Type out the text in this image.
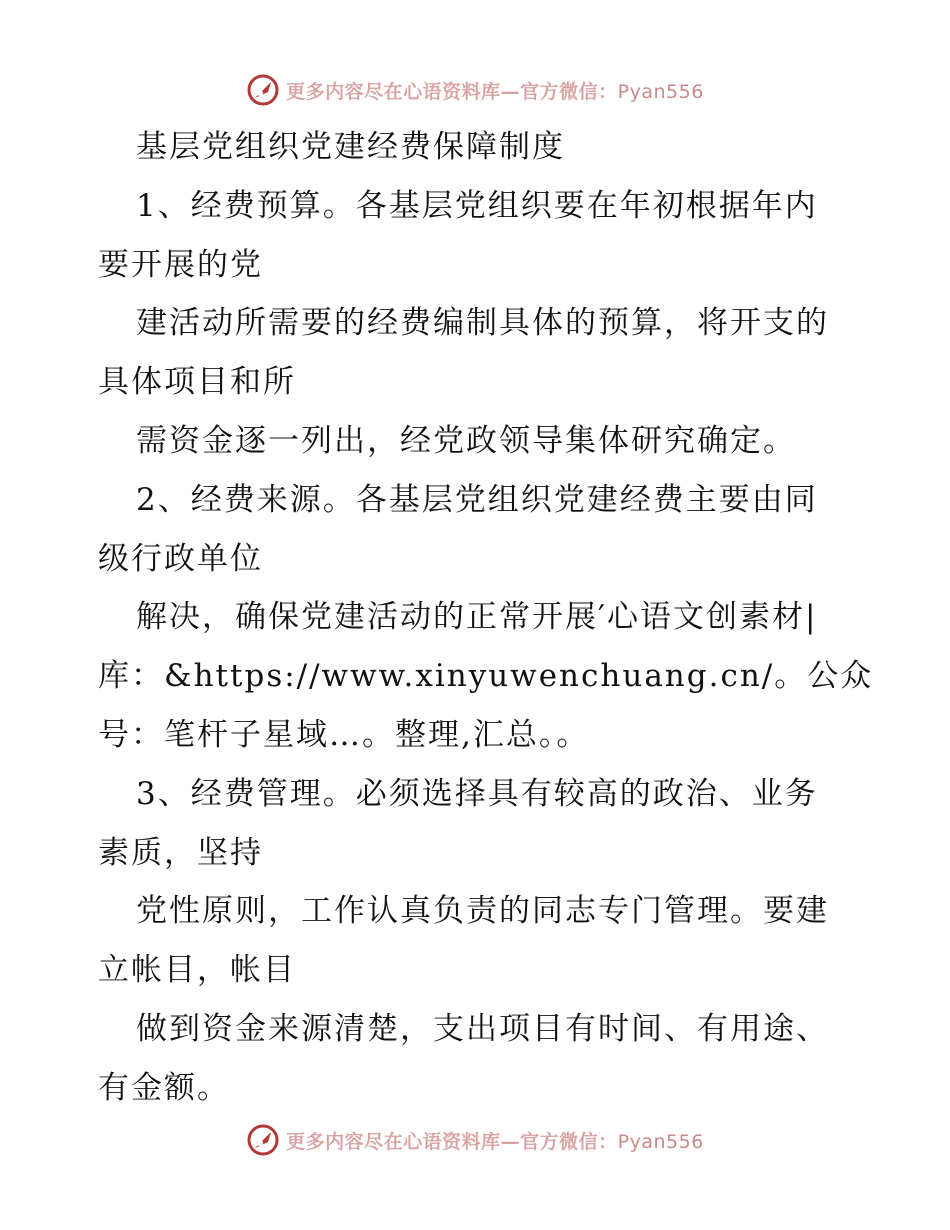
更多内容尽在心语资料库—官方微信：Pyan556
基层党组织党建经费保障制度
1、经费预算。各基层党组织要在年初根据年内
要开展的党
建活动所需要的经费编制具体的预算，将开支的
具体项目和所
需资金逐一列出，经党政领导集体研究确定。
2、经费来源。各基层党组织党建经费主要由同
级行政单位
解决，确保党建活动的正常开展′心语文创素材|
库：&https://www.xinyuwenchuang.cn/。公众
号：笔杆子星域…。整理,汇总。。
3、经费管理。必须选择具有较高的政治、业务
素质，坚持
党性原则，工作认真负责的同志专门管理。要建
立帐目，帐目
做到资金来源清楚，支出项目有时间、有用途、
有金额。
更多内容尽在心语资料库—官方微信：Pyan556
